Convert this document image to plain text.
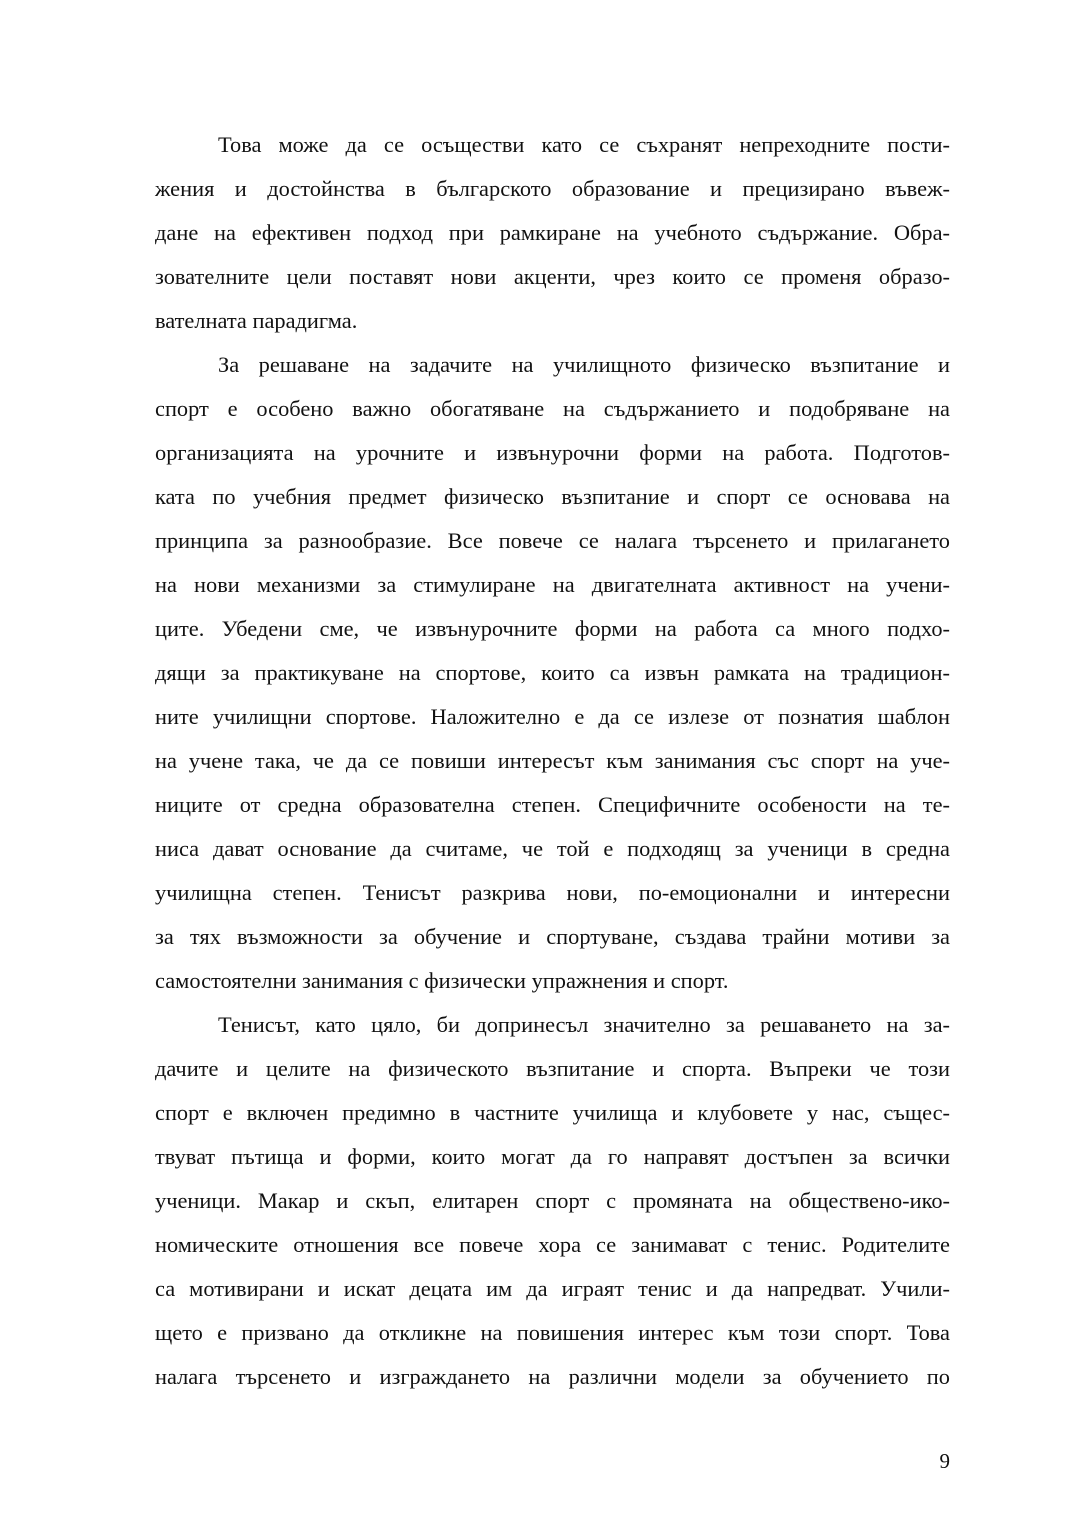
Това може да се осъществи като се съхранят непреходните пости-
жения и достойнства в българското образование и прецизирано въвеж-
дане на ефективен подход при рамкиране на учебното съдържание. Обра-
зователните цели поставят нови акценти, чрез които се променя образо-
вателната парадигма.
За решаване на задачите на училищното физическо възпитание и
спорт е особено важно обогатяване на съдържанието и подобряване на
организацията на урочните и извънурочни форми на работа. Подготов-
ката по учебния предмет физическо възпитание и спорт се основава на
принципа за разнообразие. Все повече се налага търсенето и прилагането
на нови механизми за стимулиране на двигателната активност на учени-
ците. Убедени сме, че извънурочните форми на работа са много подхо-
дящи за практикуване на спортове, които са извън рамката на традицион-
ните училищни спортове. Наложително е да се излезе от познатия шаблон
на учене така, че да се повиши интересът към занимания със спорт на уче-
ниците от средна образователна степен. Специфичните особености на те-
ниса дават основание да считаме, че той е подходящ за ученици в средна
училищна степен. Тенисът разкрива нови, по-емоционални и интересни
за тях възможности за обучение и спортуване, създава трайни мотиви за
самостоятелни занимания с физически упражнения и спорт.
Тенисът, като цяло, би допринесъл значително за решаването на за-
дачите и целите на физическото възпитание и спорта. Въпреки че този
спорт е включен предимно в частните училища и клубовете у нас, същес-
твуват пътища и форми, които могат да го направят достъпен за всички
ученици. Макар и скъп, елитарен спорт с промяната на обществено-ико-
номическите отношения все повече хора се занимават с тенис. Родителите
са мотивирани и искат децата им да играят тенис и да напредват. Учили-
щето е призвано да откликне на повишения интерес към този спорт. Това
налага търсенето и изграждането на различни модели за обучението по
9
